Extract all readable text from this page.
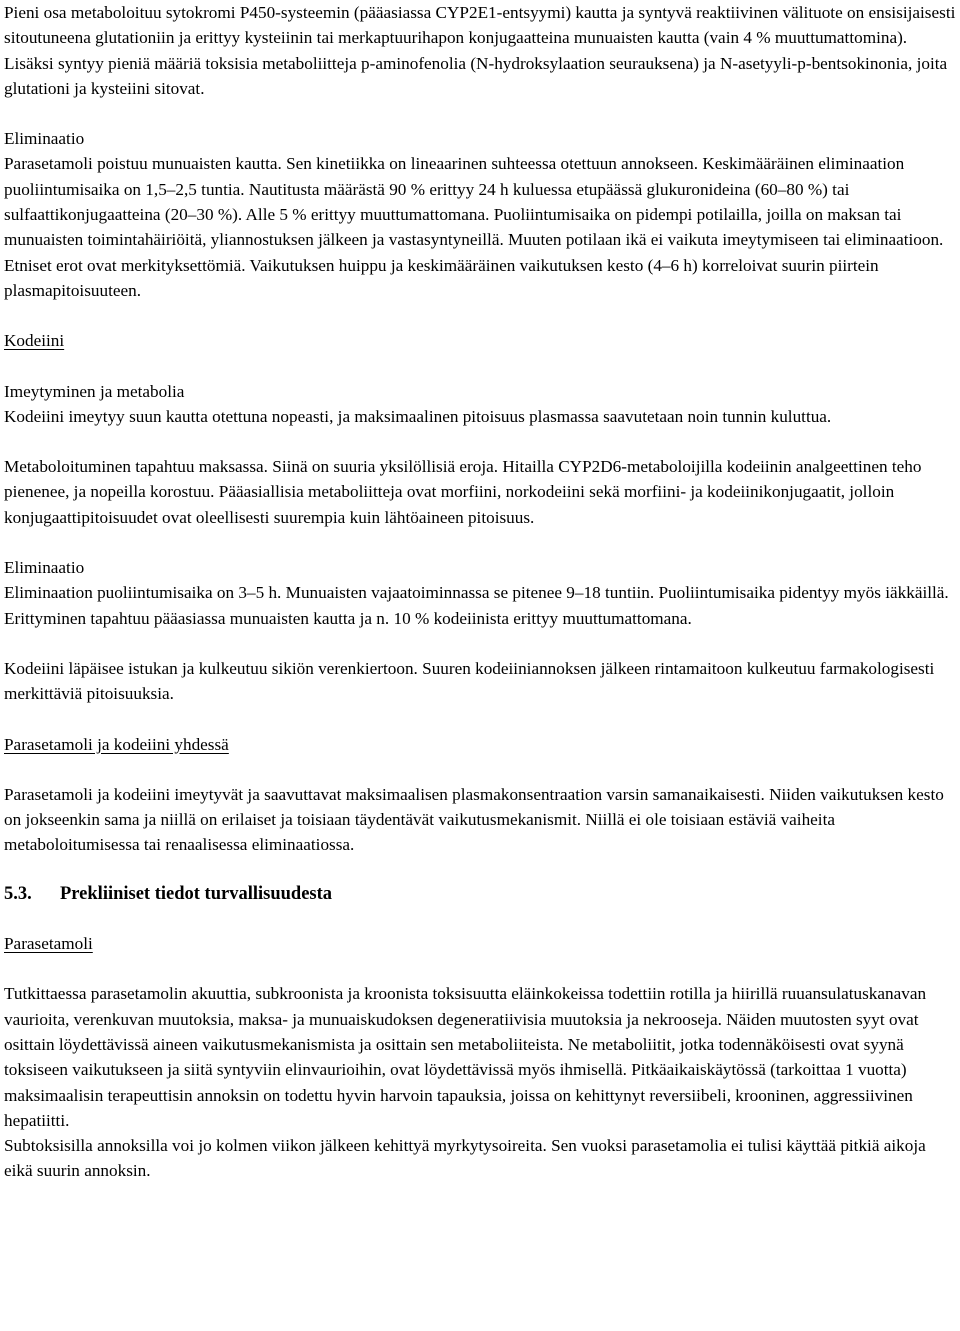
Pieni osa metaboloituu sytokromi P450-systeemin (pääasiassa CYP2E1-entsyymi) kautta ja syntyvä reaktiivinen välituote on ensisijaisesti sitoutuneena glutationiin ja erittyy kysteiinin tai merkaptuurihapon konjugaatteina munuaisten kautta (vain 4 % muuttumattomina). Lisäksi syntyy pieniä määriä toksisia metaboliitteja p-aminofenolia (N-hydroksylaation seurauksena) ja N-asetyyli-p-bentsokinonia, joita glutationi ja kysteiini sitovat.

Eliminaatio

Parasetamoli poistuu munuaisten kautta. Sen kinetiikka on lineaarinen suhteessa otettuun annokseen. Keskimääräinen eliminaation puoliintumisaika on 1,5–2,5 tuntia. Nautitusta määrästä 90 % erittyy 24 h kuluessa etupäässä glukuronideina (60–80 %) tai sulfaattikonjugaatteina (20–30 %). Alle 5 % erittyy muuttumattomana. Puoliintumisaika on pidempi potilailla, joilla on maksan tai munuaisten toimintahäiriöitä, yliannostuksen jälkeen ja vastasyntyneillä. Muuten potilaan ikä ei vaikuta imeytymiseen tai eliminaatioon. Etniset erot ovat merkityksettömiä. Vaikutuksen huippu ja keskimääräinen vaikutuksen kesto (4–6 h) korreloivat suurin piirtein plasmapitoisuuteen.

Kodeiini

Imeytyminen ja metabolia

Kodeiini imeytyy suun kautta otettuna nopeasti, ja maksimaalinen pitoisuus plasmassa saavutetaan noin tunnin kuluttua.

Metaboloituminen tapahtuu maksassa. Siinä on suuria yksilöllisiä eroja. Hitailla CYP2D6-metaboloijilla kodeiinin analgeettinen teho pienenee, ja nopeilla korostuu. Pääasiallisia metaboliitteja ovat morfiini, norkodeiini sekä morfiini- ja kodeiinikonjugaatit, jolloin konjugaattipitoisuudet ovat oleellisesti suurempia kuin lähtöaineen pitoisuus.

Eliminaatio

Eliminaation puoliintumisaika on 3–5 h. Munuaisten vajaatoiminnassa se pitenee 9–18 tuntiin. Puoliintumisaika pidentyy myös iäkkäillä. Erittyminen tapahtuu pääasiassa munuaisten kautta ja n. 10 % kodeiinista erittyy muuttumattomana.

Kodeiini läpäisee istukan ja kulkeutuu sikiön verenkiertoon. Suuren kodeiiniannoksen jälkeen rintamaitoon kulkeutuu farmakologisesti merkittäviä pitoisuuksia.

Parasetamoli ja kodeiini yhdessä

Parasetamoli ja kodeiini imeytyvät ja saavuttavat maksimaalisen plasmakonsentraation varsin samanaikaisesti. Niiden vaikutuksen kesto on jokseenkin sama ja niillä on erilaiset ja toisiaan täydentävät vaikutusmekanismit. Niillä ei ole toisiaan estäviä vaiheita metaboloitumisessa tai renaalisessa eliminaatiossa.

5.3. Prekliiniset tiedot turvallisuudesta

Parasetamoli

Tutkittaessa parasetamolin akuuttia, subkroonista ja kroonista toksisuutta eläinkokeissa todettiin rotilla ja hiirillä ruuansulatuskanavan vaurioita, verenkuvan muutoksia, maksa- ja munuaiskudoksen degeneratiivisia muutoksia ja nekrooseja. Näiden muutosten syyt ovat osittain löydettävissä aineen vaikutusmekanismista ja osittain sen metaboliiteista. Ne metaboliitit, jotka todennäköisesti ovat syynä toksiseen vaikutukseen ja siitä syntyviin elinvaurioihin, ovat löydettävissä myös ihmisellä. Pitkäaikaiskäytössä (tarkoittaa 1 vuotta) maksimaalisin terapeuttisin annoksin on todettu hyvin harvoin tapauksia, joissa on kehittynyt reversiibeli, krooninen, aggressiivinen hepatiitti.

Subtoksisilla annoksilla voi jo kolmen viikon jälkeen kehittyä myrkytysoireita. Sen vuoksi parasetamolia ei tulisi käyttää pitkiä aikoja eikä suurin annoksin.
